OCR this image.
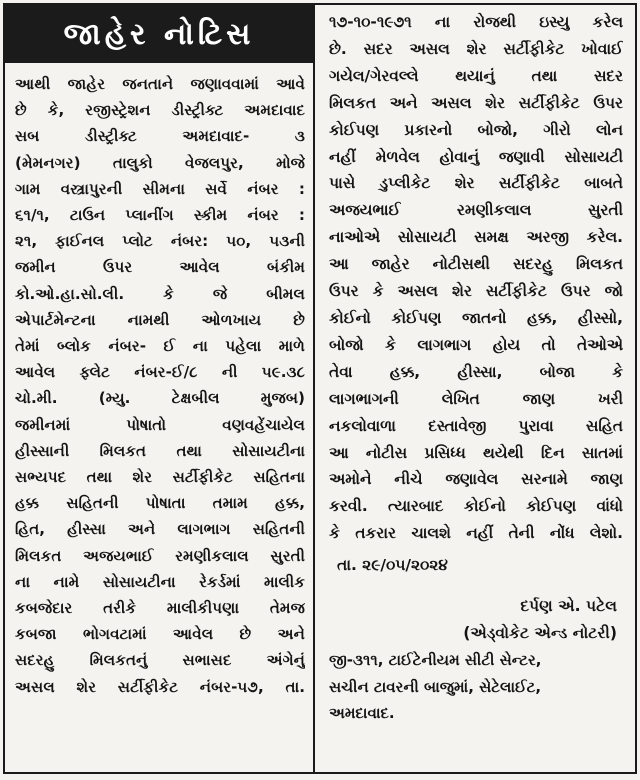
જાહેર નોટિસ
આથી જાહેર જનતાને જણાવવામાં આવે
છે કે, રજીસ્ટ્રેશન ડીસ્ટ્રીક્ટ અમદાવાદ
સબ ડીસ્ટ્રીક્ટ અમદાવાદ- ૩
(મેમનગર) તાલુકો વેજલપુર, મોજે
ગામ વસ્ત્રાપુરની સીમના સર્વે નંબર :
૬૧/૧, ટાઉન પ્લાનીંગ સ્કીમ નંબર :
૨૧, ફાઈનલ પ્લોટ નંબર: ૫૦, ૫૩ની
જમીન ઉપર આવેલ બંકીમ
કો.ઓ.હા.સો.લી. કે જે બીમલ
એપાર્ટમેન્ટના નામથી ઓળખાય છે
તેમાં બ્લોક નંબર- ઈ ના પહેલા માળે
આવેલ ફ્લેટ નંબર-ઈ/૮ ની ૫૯.૩૮
ચો.મી. (મ્યુ. ટેક્ષબીલ મુજબ)
જમીનમાં પોષાતો વણવહેંચાયેલ
હીસ્સાની મિલકત તથા સોસાયટીના
સભ્યપદ તથા શેર સર્ટીફીકેટ સહિતના
હક્ક સહિતની પોષાતા તમામ હક્ક,
હિત, હીસ્સા અને લાગભાગ સહિતની
મિલકત અજયભાઈ રમણીકલાલ સુરતી
ના નામે સોસાયટીના રેકર્ડમાં માલીક
કબજેદાર તરીકે માલીકીપણા તેમજ
કબજા ભોગવટામાં આવેલ છે અને
સદરહુ મિલકતનું સભાસદ અંગેનું
અસલ શેર સર્ટીફીકેટ નંબર-૫૭, તા.
૧૭-૧૦-૧૯૭૧ ના રોજથી ઇસ્યુ કરેલ
છે. સદર અસલ શેર સર્ટીફીકેટ ખોવાઈ
ગયેલ/ગેરવલ્લે થયાનું તથા સદર
મિલકત અને અસલ શેર સર્ટીફીકેટ ઉપર
કોઈપણ પ્રકારનો બોજો, ગીરો લોન
નહીં મેળવેલ હોવાનું જણાવી સોસાયટી
પાસે ડુપ્લીકેટ શેર સર્ટીફીકેટ બાબતે
અજયભાઈ રમણીકલાલ સુરતી
નાઓએ સોસાયટી સમક્ષ અરજી કરેલ.
આ જાહેર નોટીસથી સદરહુ મિલકત
ઉપર કે અસલ શેર સર્ટીફીકેટ ઉપર જો
કોઈનો કોઈપણ જાતનો હક્ક, હીસ્સો,
બોજો કે લાગભાગ હોય તો તેઓએ
તેવા હક્ક, હીસ્સા, બોજા કે
લાગભાગની લેખિત જાણ ખરી
નકલોવાળા દસ્તાવેજી પુરાવા સહિત
આ નોટીસ પ્રસિધ્ધ થયેથી દિન સાતમાં
અમોને નીચે જણાવેલ સરનામે જાણ
કરવી. ત્યારબાદ કોઈનો કોઈપણ વાંધો
કે તકરાર ચાલશે નહીં તેની નોંધ લેશો.
તા. ૨૯/૦૫/૨૦૨૪
દર્પણ એ. પટેલ
(એડ્વોકેટ એન્ડ નોટરી)
જી-૩૧૧, ટાઈટેનીયમ સીટી સેન્ટર,
સચીન ટાવરની બાજુમાં, સેટેલાઈટ,
અમદાવાદ.
